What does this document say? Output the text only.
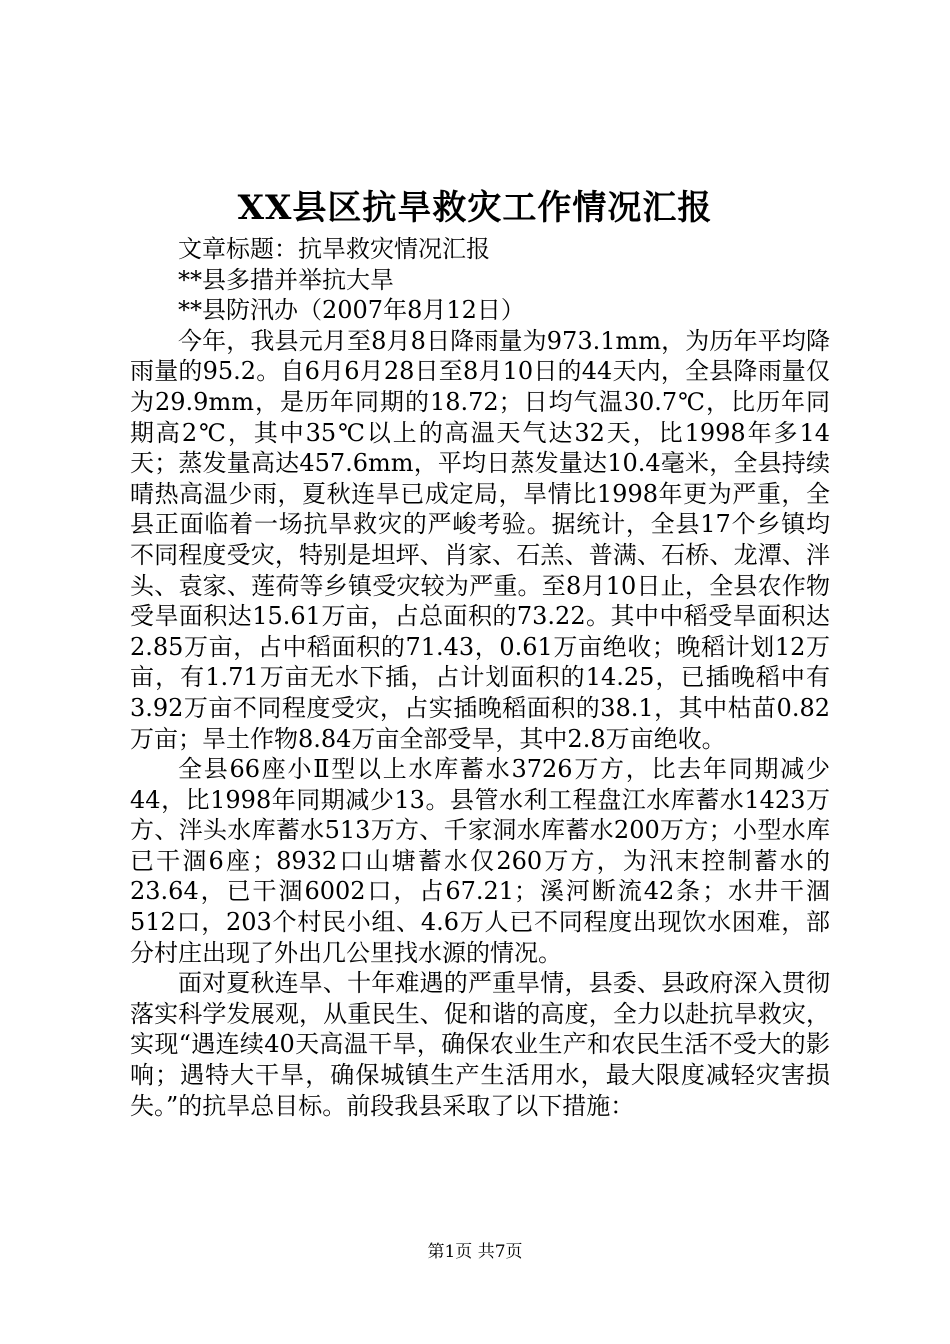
XX县区抗旱救灾工作情况汇报

文章标题：抗旱救灾情况汇报

**县多措并举抗大旱

**县防汛办（2007年8月12日）

今年，我县元月至8月8日降雨量为973.1mm，为历年平均降雨量的95.2。自6月6月28日至8月10日的44天内，全县降雨量仅为29.9mm，是历年同期的18.72；日均气温30.7℃，比历年同期高2℃，其中35℃以上的高温天气达32天，比1998年多14天；蒸发量高达457.6mm，平均日蒸发量达10.4毫米，全县持续晴热高温少雨，夏秋连旱已成定局，旱情比1998年更为严重，全县正面临着一场抗旱救灾的严峻考验。据统计，全县17个乡镇均不同程度受灾，特别是坦坪、肖家、石羔、普满、石桥、龙潭、泮头、袁家、莲荷等乡镇受灾较为严重。至8月10日止，全县农作物受旱面积达15.61万亩，占总面积的73.22。其中中稻受旱面积达2.85万亩，占中稻面积的71.43，0.61万亩绝收；晚稻计划12万亩，有1.71万亩无水下插，占计划面积的14.25，已插晚稻中有3.92万亩不同程度受灾，占实插晚稻面积的38.1，其中枯苗0.82万亩；旱土作物8.84万亩全部受旱，其中2.8万亩绝收。

全县66座小Ⅱ型以上水库蓄水3726万方，比去年同期减少44，比1998年同期减少13。县管水利工程盘江水库蓄水1423万方、泮头水库蓄水513万方、千家洞水库蓄水200万方；小型水库已干涸6座；8932口山塘蓄水仅260万方，为汛末控制蓄水的23.64，已干涸6002口，占67.21；溪河断流42条；水井干涸512口，203个村民小组、4.6万人已不同程度出现饮水困难，部分村庄出现了外出几公里找水源的情况。

面对夏秋连旱、十年难遇的严重旱情，县委、县政府深入贯彻落实科学发展观，从重民生、促和谐的高度，全力以赴抗旱救灾，实现“遇连续40天高温干旱，确保农业生产和农民生活不受大的影响；遇特大干旱，确保城镇生产生活用水，最大限度减轻灾害损失。”的抗旱总目标。前段我县采取了以下措施：

第1页 共7页
